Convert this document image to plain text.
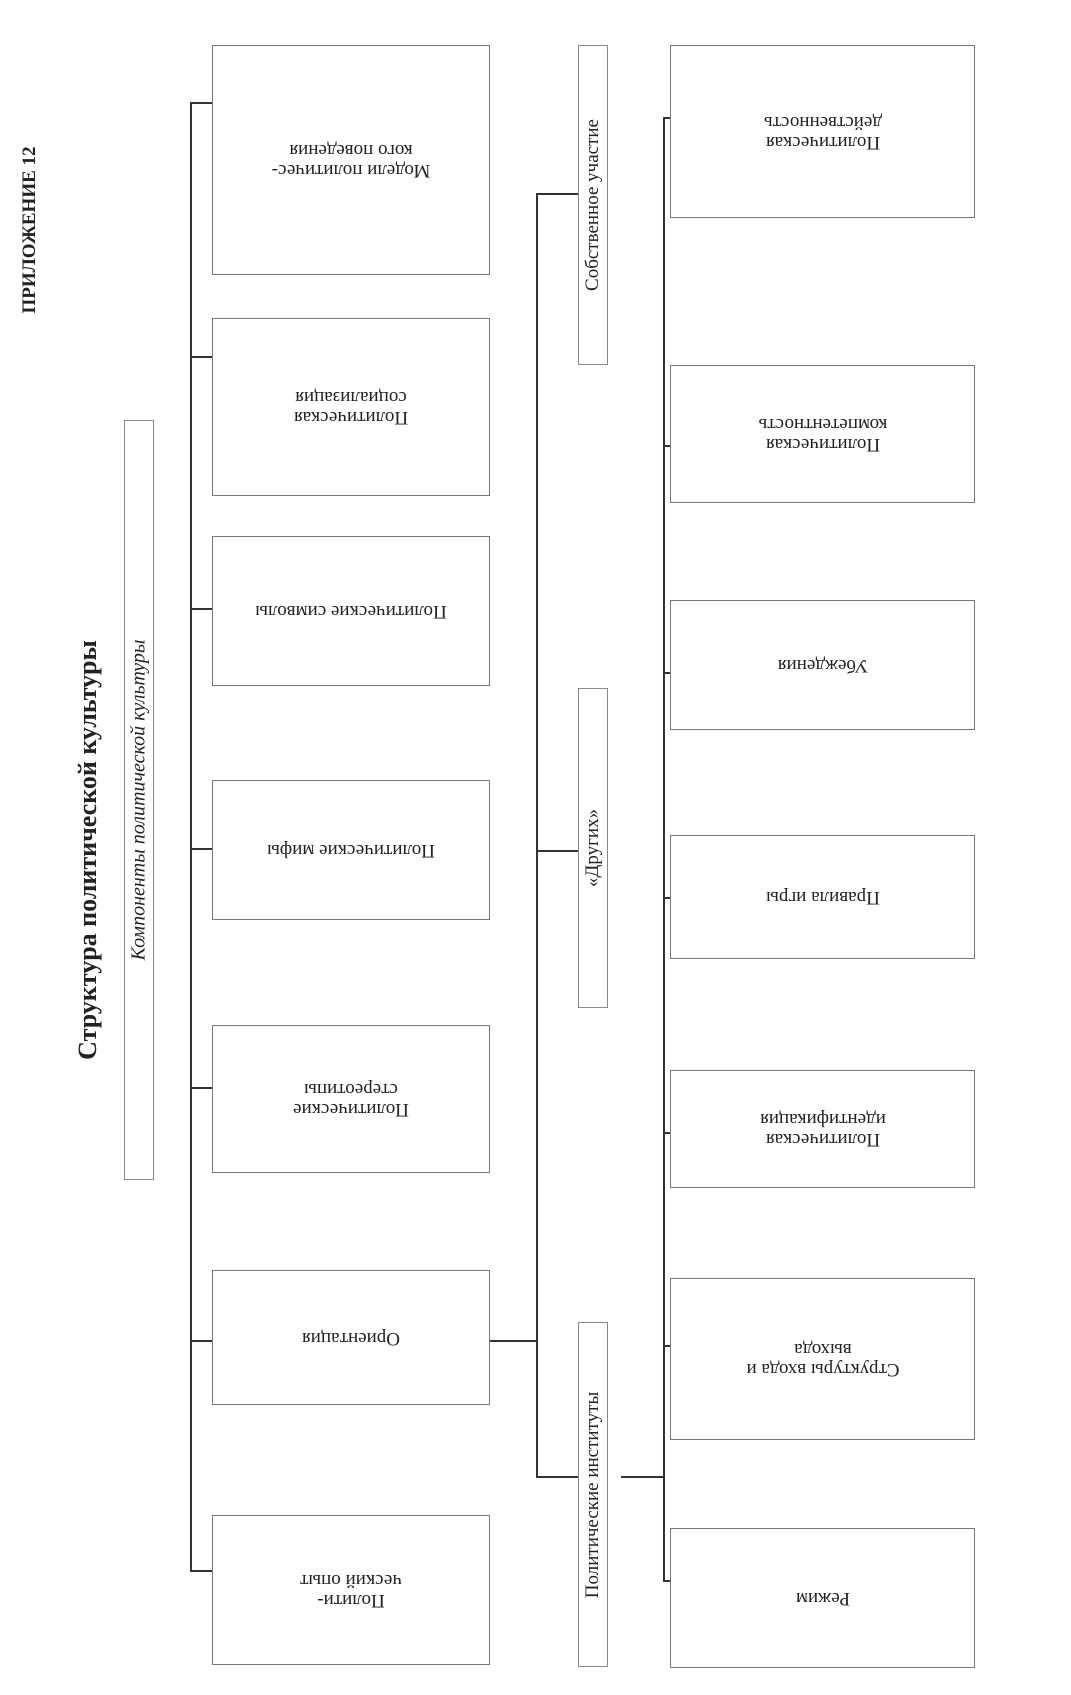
ПРИЛОЖЕНИЕ 12
Структура политической культуры Компоненты политической культуры
Модели политичес-
кого поведения
Политическая
социализация
Политические символы
Политические мифы
Политические
стереотипы
Ориентация
Полити-
ческий опыт
Собственное участие
«Других»
Политические институты
Политическая
действенность
Политическая
компетентность
Убеждения
Правила игры
Политическая
идентификация
Структуры входа и
выхода
Режим
